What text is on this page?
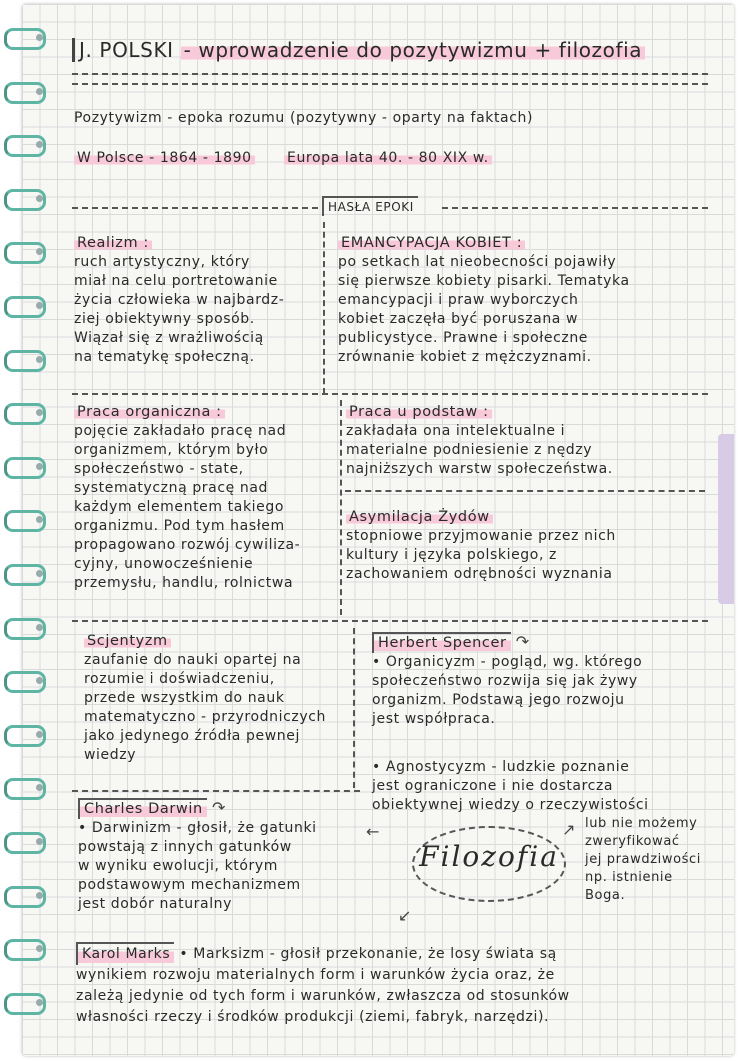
J. POLSKI - wprowadzenie do pozytywizmu + filozofia
Pozytywizm - epoka rozumu (pozytywny - oparty na faktach)
W Polsce - 1864 - 1890	Europa lata 40. - 80 XIX w.
HASŁA EPOKI
Realizm :
ruch artystyczny, który
miał na celu portretowanie
życia człowieka w najbardz-
ziej obiektywny sposób.
Wiązał się z wrażliwością
na tematykę społeczną.
EMANCYPACJA KOBIET :
po setkach lat nieobecności pojawiły
się pierwsze kobiety pisarki. Tematyka
emancypacji i praw wyborczych
kobiet zaczęła być poruszana w
publicystyce. Prawne i społeczne
zrównanie kobiet z mężczyznami.
Praca organiczna :
pojęcie zakładało pracę nad
organizmem, którym było
społeczeństwo - state,
systematyczną pracę nad
każdym elementem takiego
organizmu. Pod tym hasłem
propagowano rozwój cywiliza-
cyjny, unowocześnienie
przemysłu, handlu, rolnictwa
Praca u podstaw :
zakładała ona intelektualne i
materialne podniesienie z nędzy
najniższych warstw społeczeństwa.
Asymilacja Żydów
stopniowe przyjmowanie przez nich
kultury i języka polskiego, z
zachowaniem odrębności wyznania
Scjentyzm
zaufanie do nauki opartej na
rozumie i doświadczeniu,
przede wszystkim do nauk
matematyczno - przyrodniczych
jako jedynego źródła pewnej
wiedzy
Herbert Spencer ↷
• Organicyzm - pogląd, wg. którego
społeczeństwo rozwija się jak żywy
organizm. Podstawą jego rozwoju
jest współpraca.
• Agnostycyzm - ludzkie poznanie
jest ograniczone i nie dostarcza
obiektywnej wiedzy o rzeczywistości
lub nie możemy
zweryfikować
jej prawdziwości
np. istnienie
Boga.
Charles Darwin ↷
• Darwinizm - głosił, że gatunki
powstają z innych gatunków
w wyniku ewolucji, którym
podstawowym mechanizmem
jest dobór naturalny
Filozofia
←	↗
↙
Karol Marks • Marksizm - głosił przekonanie, że losy świata są
wynikiem rozwoju materialnych form i warunków życia oraz, że
zależą jedynie od tych form i warunków, zwłaszcza od stosunków
własności rzeczy i środków produkcji (ziemi, fabryk, narzędzi).
